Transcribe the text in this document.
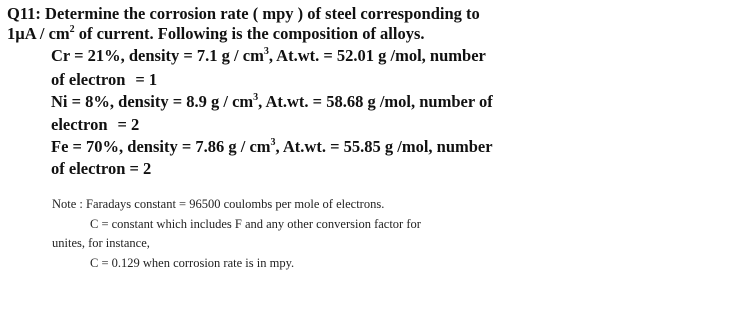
Q11: Determine the corrosion rate ( mpy ) of steel corresponding to
$1\mu A / cm^2$ of current. Following is the composition of alloys.
Cr = 21%, density = 7.1 g / $cm^3$, At.wt. = 52.01 g /mol, number
of electron = 1
Ni = 8%, density = 8.9 g / $cm^3$, At.wt. = 58.68 g /mol, number of
electron = 2
Fe = 70%, density = 7.86 g / $cm^3$, At.wt. = 55.85 g /mol, number
of electron = 2
Note : Faradays constant = 96500 coulombs per mole of electrons.
C = constant which includes F and any other conversion factor for
unites, for instance,
C = 0.129 when corrosion rate is in mpy.
